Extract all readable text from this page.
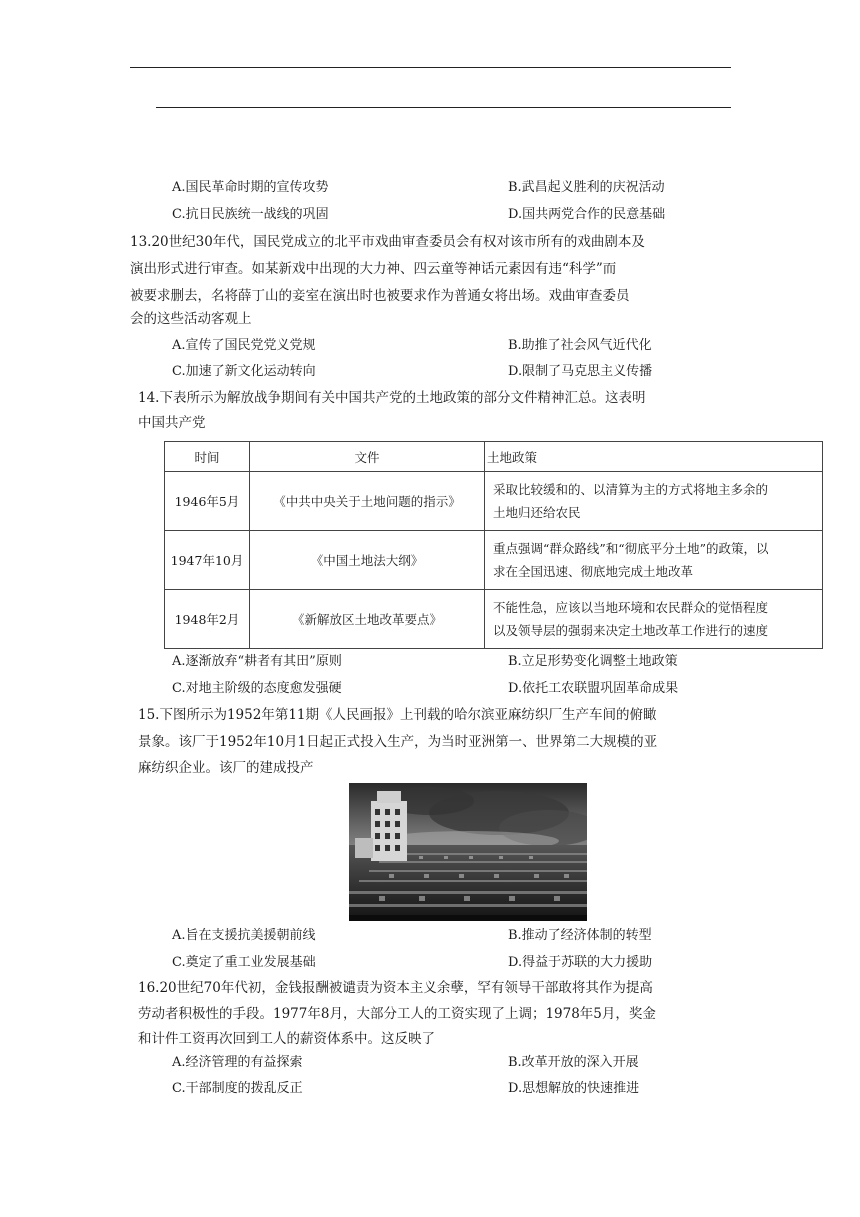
A.国民革命时期的宣传攻势	B.武昌起义胜利的庆祝活动
C.抗日民族统一战线的巩固	D.国共两党合作的民意基础
13.20世纪30年代，国民党成立的北平市戏曲审查委员会有权对该市所有的戏曲剧本及
演出形式进行审查。如某新戏中出现的大力神、四云童等神话元素因有违“科学”而
被要求删去，名将薛丁山的妾室在演出时也被要求作为普通女将出场。戏曲审查委员
会的这些活动客观上
A.宣传了国民党党义党规	B.助推了社会风气近代化
C.加速了新文化运动转向	D.限制了马克思主义传播
14.下表所示为解放战争期间有关中国共产党的土地政策的部分文件精神汇总。这表明
中国共产党
时间	文件	土地政策
1946年5月	《中共中央关于土地问题的指示》	采取比较缓和的、以清算为主的方式将地主多余的
土地归还给农民

1947年10月	《中国土地法大纲》	重点强调“群众路线”和“彻底平分土地”的政策，以
求在全国迅速、彻底地完成土地改革

1948年2月	《新解放区土地改革要点》	不能性急，应该以当地环境和农民群众的觉悟程度
以及领导层的强弱来决定土地改革工作进行的速度
A.逐渐放弃“耕者有其田”原则	B.立足形势变化调整土地政策
C.对地主阶级的态度愈发强硬	D.依托工农联盟巩固革命成果
15.下图所示为1952年第11期《人民画报》上刊载的哈尔滨亚麻纺织厂生产车间的俯瞰
景象。该厂于1952年10月1日起正式投入生产，为当时亚洲第一、世界第二大规模的亚
麻纺织企业。该厂的建成投产
A.旨在支援抗美援朝前线	B.推动了经济体制的转型
C.奠定了重工业发展基础	D.得益于苏联的大力援助
16.20世纪70年代初，金钱报酬被谴责为资本主义余孽，罕有领导干部敢将其作为提高
劳动者积极性的手段。1977年8月，大部分工人的工资实现了上调；1978年5月，奖金
和计件工资再次回到工人的薪资体系中。这反映了
A.经济管理的有益探索	B.改革开放的深入开展
C.干部制度的拨乱反正	D.思想解放的快速推进
